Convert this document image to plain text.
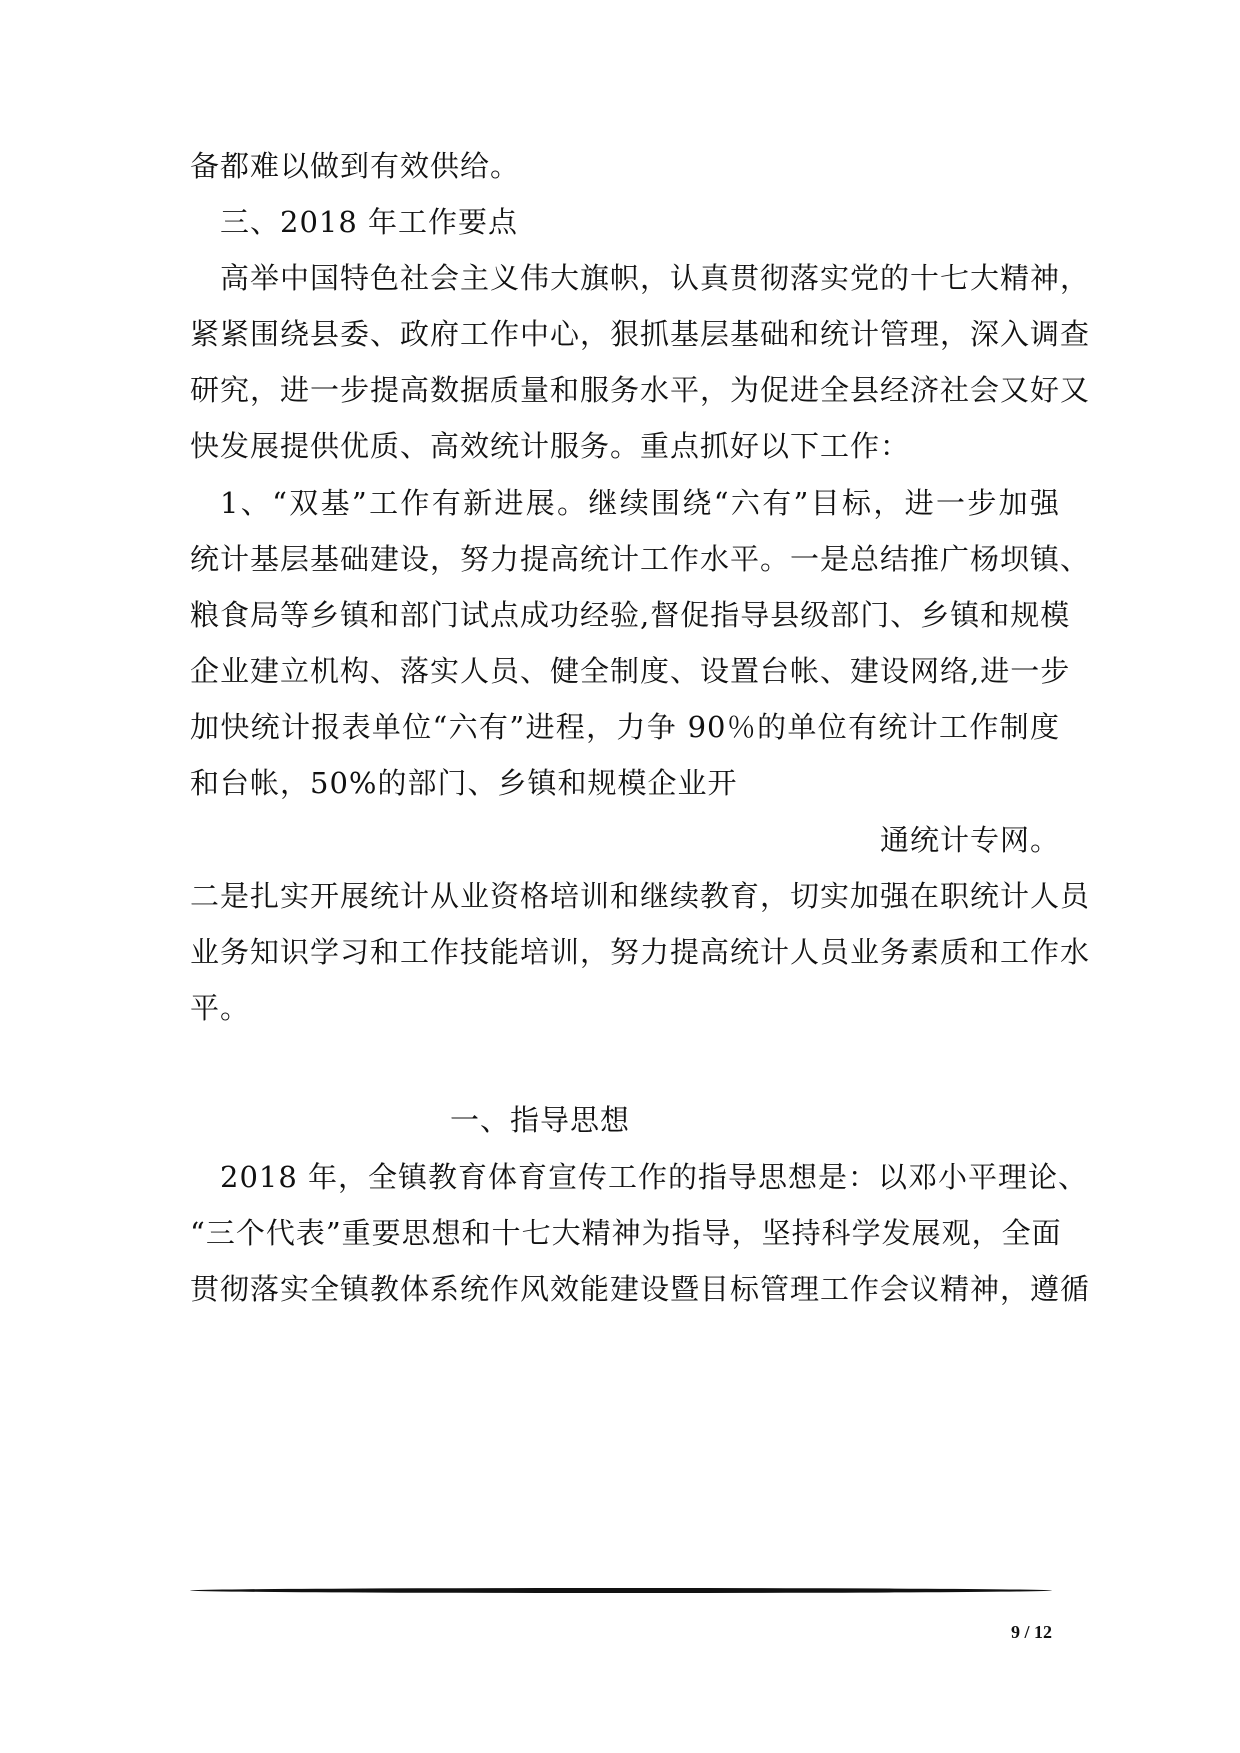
备都难以做到有效供给。
三、2018 年工作要点
高举中国特色社会主义伟大旗帜，认真贯彻落实党的十七大精神，
紧紧围绕县委、政府工作中心，狠抓基层基础和统计管理，深入调查
研究，进一步提高数据质量和服务水平，为促进全县经济社会又好又
快发展提供优质、高效统计服务。重点抓好以下工作：
1、“双基”工作有新进展。继续围绕“六有”目标，进一步加强
统计基层基础建设，努力提高统计工作水平。一是总结推广杨坝镇、
粮食局等乡镇和部门试点成功经验,督促指导县级部门、乡镇和规模
企业建立机构、落实人员、健全制度、设置台帐、建设网络,进一步
加快统计报表单位“六有”进程，力争 90％的单位有统计工作制度
和台帐，50%的部门、乡镇和规模企业开
通统计专网。
二是扎实开展统计从业资格培训和继续教育，切实加强在职统计人员
业务知识学习和工作技能培训，努力提高统计人员业务素质和工作水
平。
一、指导思想
2018 年，全镇教育体育宣传工作的指导思想是：以邓小平理论、
“三个代表”重要思想和十七大精神为指导，坚持科学发展观，全面
贯彻落实全镇教体系统作风效能建设暨目标管理工作会议精神，遵循
9 / 12
